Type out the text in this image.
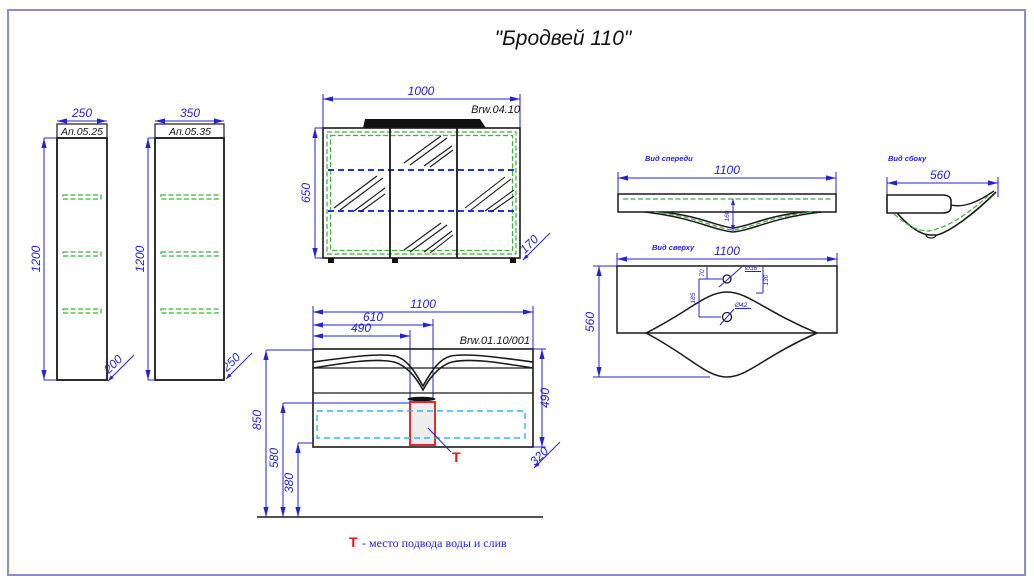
"Бродвей 110"
250
Ап.05.25
1200
200
350
Ап.05.35
1200
250
1000
Brw.04.10
650
170
1100
610
490
Brw.01.10/001
Т
490
320
850
580
380
Вид спереди
1100
160
Вид сбоку
560
Вид сверху 1100
560
Ø36
Ø42
70
185
130
Т - место подвода воды и слив
